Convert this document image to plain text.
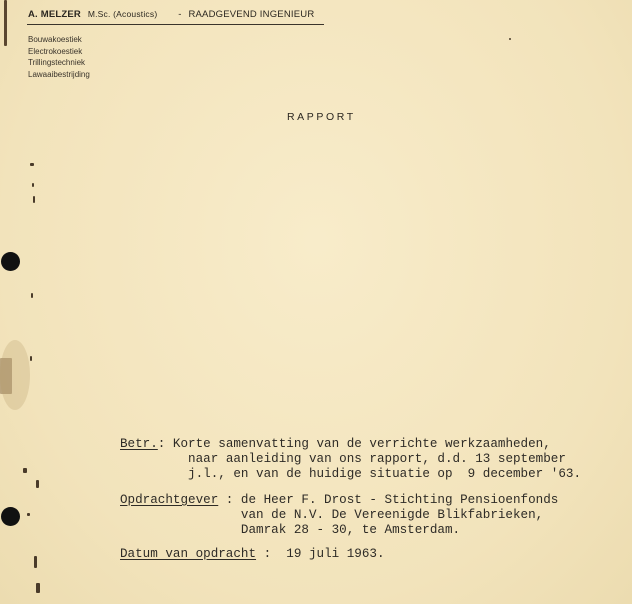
A. MELZER M.Sc. (Acoustics) - RAADGEVEND INGENIEUR
Bouwakoestiek
Electrokoestiek
Trillingstechniek
Lawaaibestrijding
RAPPORT
Betr.: Korte samenvatting van de verrichte werkzaamheden,
naar aanleiding van ons rapport, d.d. 13 september
j.l., en van de huidige situatie op  9 december '63.
Opdrachtgever : de Heer F. Drost - Stichting Pensioenfonds
van de N.V. De Vereenigde Blikfabrieken,
Damrak 28 - 30, te Amsterdam.
Datum van opdracht :  19 juli 1963.
